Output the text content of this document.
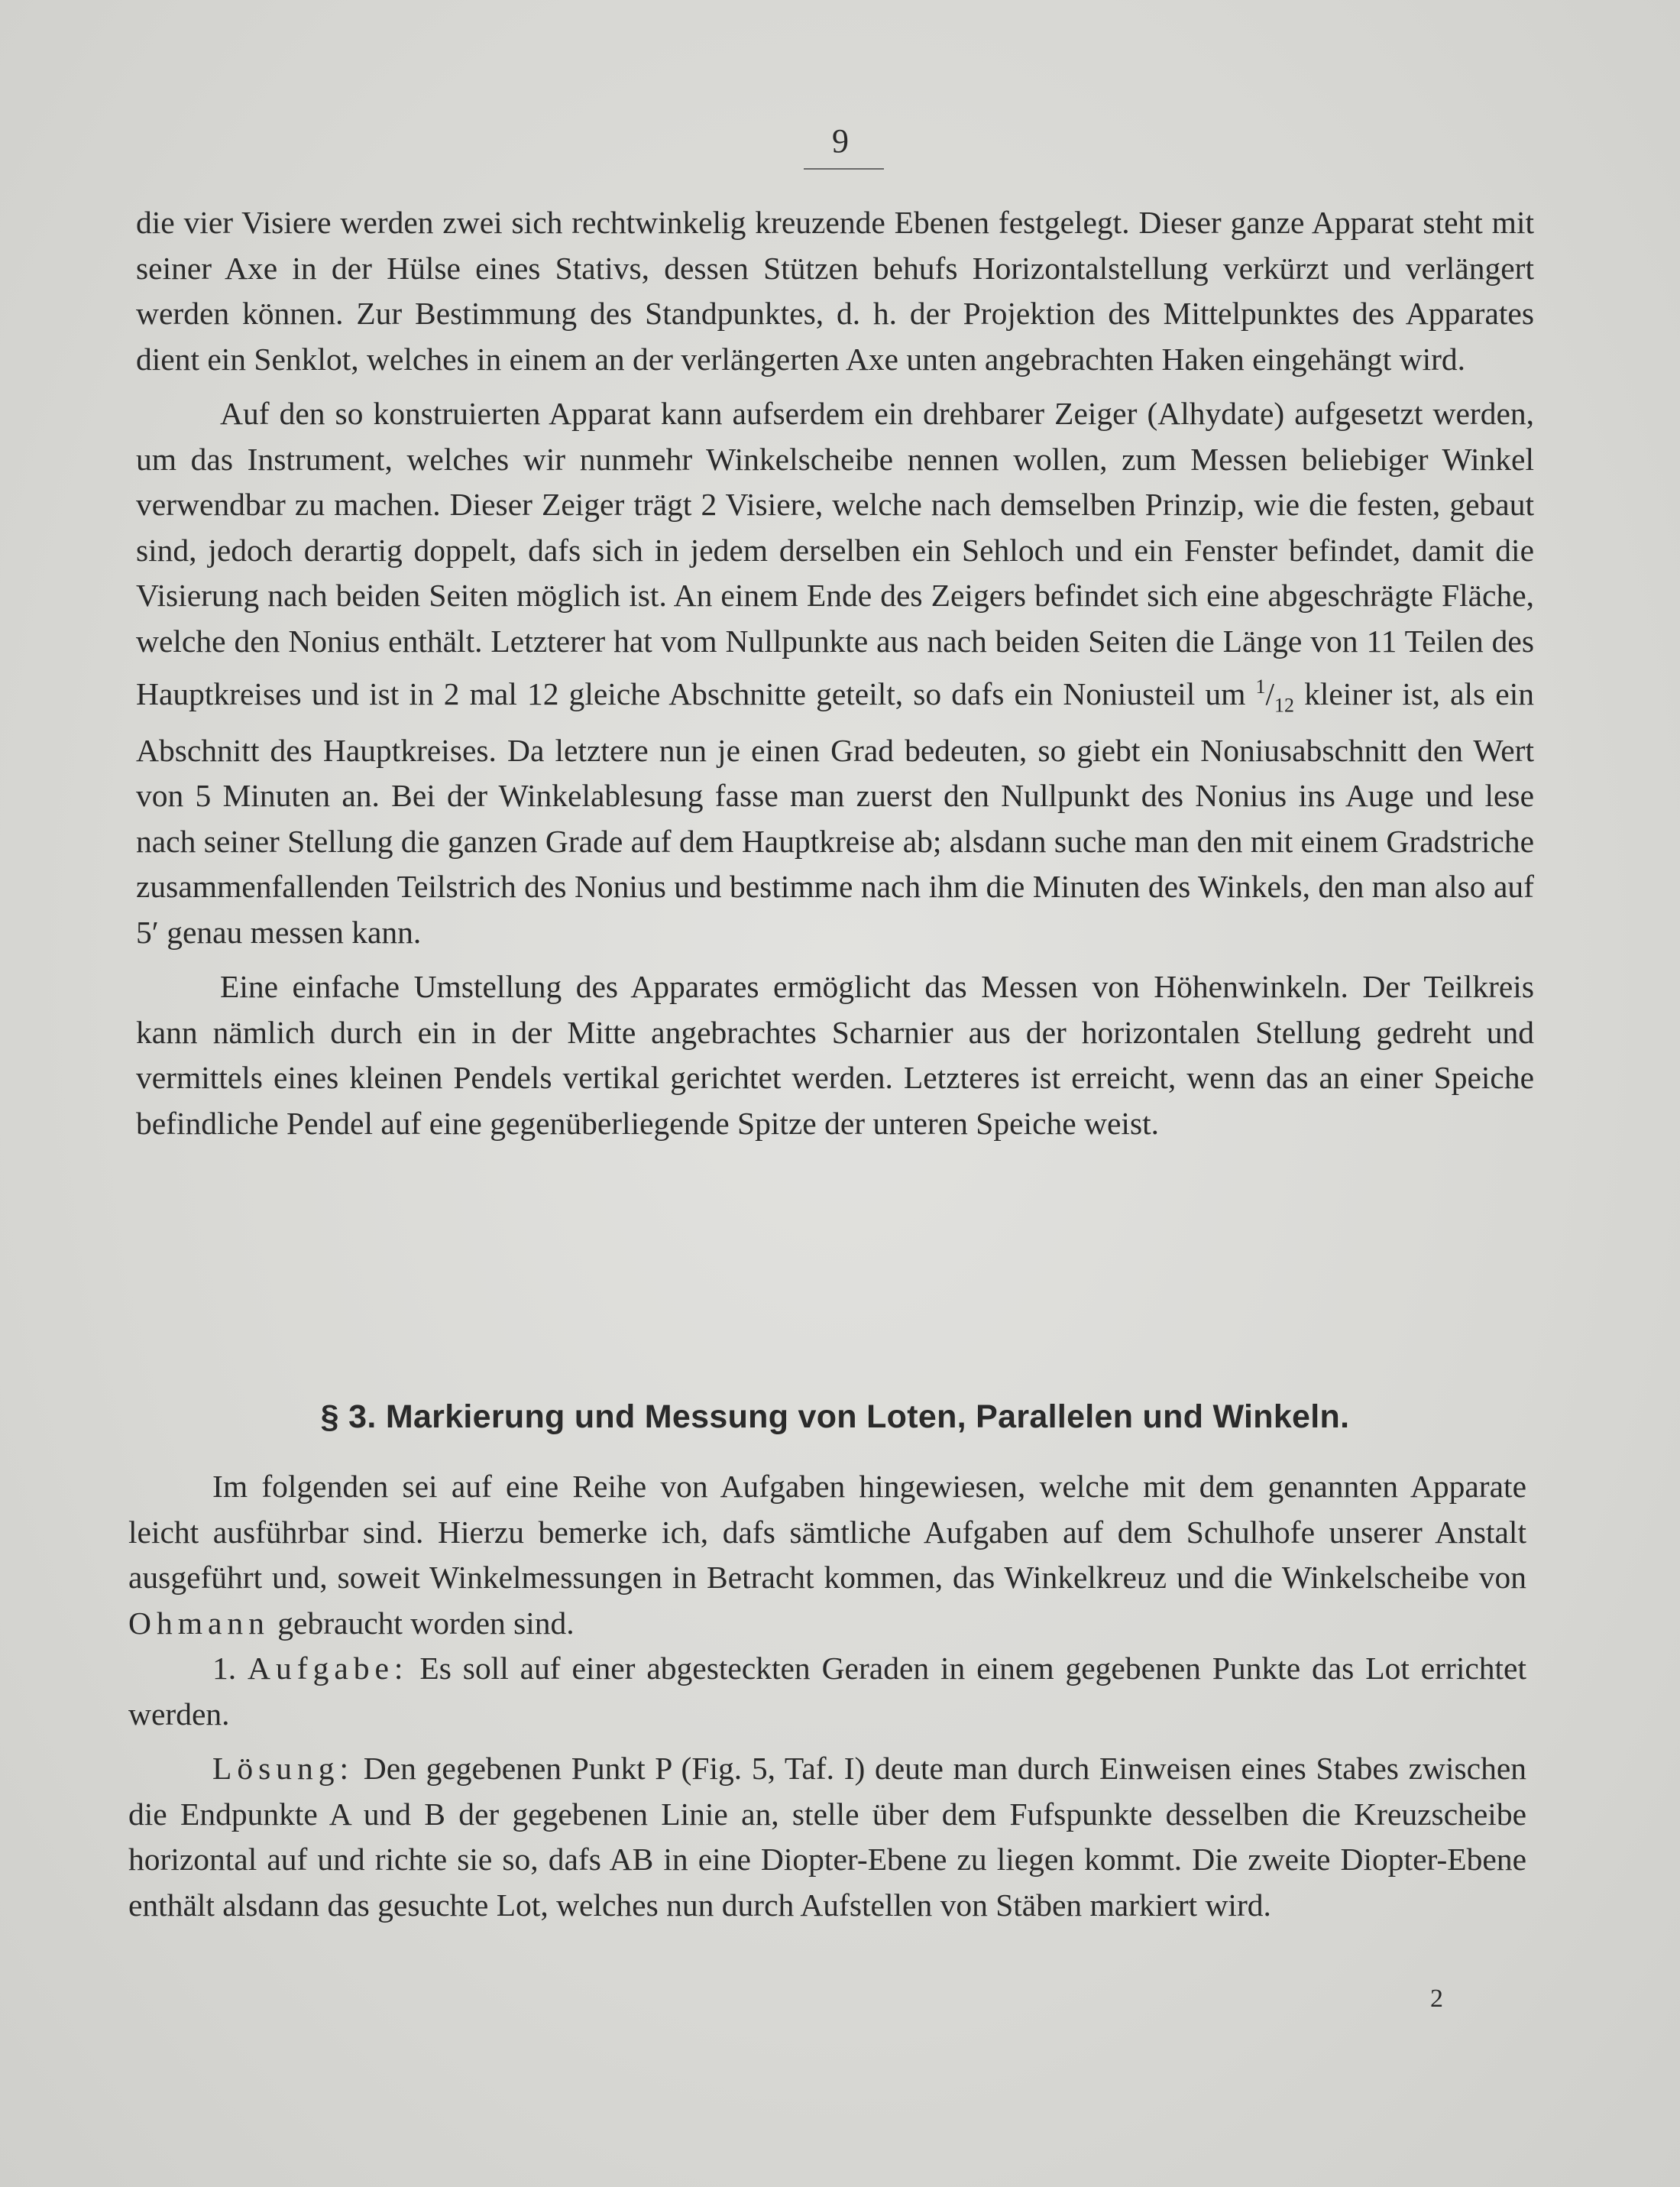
9

die vier Visiere werden zwei sich rechtwinkelig kreuzende Ebenen festgelegt. Dieser ganze Apparat steht mit seiner Axe in der Hülse eines Stativs, dessen Stützen behufs Horizontalstellung verkürzt und verlängert werden können. Zur Bestimmung des Standpunktes, d. h. der Projektion des Mittelpunktes des Apparates dient ein Senklot, welches in einem an der verlängerten Axe unten angebrachten Haken eingehängt wird.

Auf den so konstruierten Apparat kann aufserdem ein drehbarer Zeiger (Alhydate) aufgesetzt werden, um das Instrument, welches wir nunmehr Winkelscheibe nennen wollen, zum Messen beliebiger Winkel verwendbar zu machen. Dieser Zeiger trägt 2 Visiere, welche nach demselben Prinzip, wie die festen, gebaut sind, jedoch derartig doppelt, dafs sich in jedem derselben ein Sehloch und ein Fenster befindet, damit die Visierung nach beiden Seiten möglich ist. An einem Ende des Zeigers befindet sich eine abgeschrägte Fläche, welche den Nonius enthält. Letzterer hat vom Nullpunkte aus nach beiden Seiten die Länge von 11 Teilen des Hauptkreises und ist in 2 mal 12 gleiche Abschnitte geteilt, so dafs ein Noniusteil um $^1/_{12}$ kleiner ist, als ein Abschnitt des Hauptkreises. Da letztere nun je einen Grad bedeuten, so giebt ein Noniusabschnitt den Wert von 5 Minuten an. Bei der Winkelablesung fasse man zuerst den Nullpunkt des Nonius ins Auge und lese nach seiner Stellung die ganzen Grade auf dem Hauptkreise ab; alsdann suche man den mit einem Gradstriche zusammenfallenden Teilstrich des Nonius und bestimme nach ihm die Minuten des Winkels, den man also auf 5′ genau messen kann.

Eine einfache Umstellung des Apparates ermöglicht das Messen von Höhenwinkeln. Der Teilkreis kann nämlich durch ein in der Mitte angebrachtes Scharnier aus der horizontalen Stellung gedreht und vermittels eines kleinen Pendels vertikal gerichtet werden. Letzteres ist erreicht, wenn das an einer Speiche befindliche Pendel auf eine gegenüberliegende Spitze der unteren Speiche weist.

§ 3. Markierung und Messung von Loten, Parallelen und Winkeln.

Im folgenden sei auf eine Reihe von Aufgaben hingewiesen, welche mit dem genannten Apparate leicht ausführbar sind. Hierzu bemerke ich, dafs sämtliche Aufgaben auf dem Schulhofe unserer Anstalt ausgeführt und, soweit Winkelmessungen in Betracht kommen, das Winkelkreuz und die Winkelscheibe von Ohmann gebraucht worden sind.

1. Aufgabe: Es soll auf einer abgesteckten Geraden in einem gegebenen Punkte das Lot errichtet werden.

Lösung: Den gegebenen Punkt P (Fig. 5, Taf. I) deute man durch Einweisen eines Stabes zwischen die Endpunkte A und B der gegebenen Linie an, stelle über dem Fufspunkte desselben die Kreuzscheibe horizontal auf und richte sie so, dafs AB in eine Diopter-Ebene zu liegen kommt. Die zweite Diopter-Ebene enthält alsdann das gesuchte Lot, welches nun durch Aufstellen von Stäben markiert wird.

2
